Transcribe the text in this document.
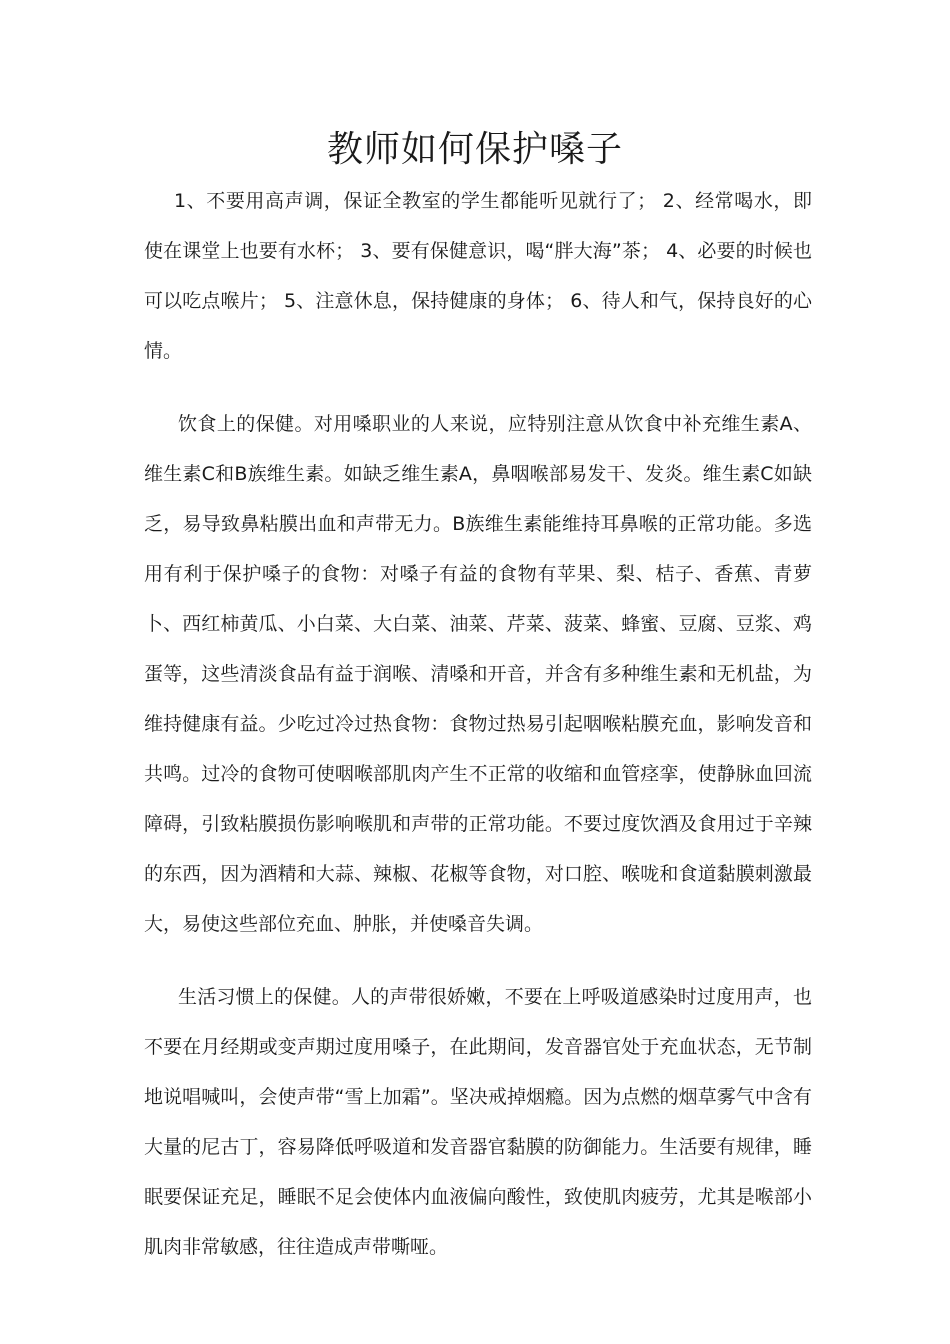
教师如何保护嗓子

1、不要用高声调，保证全教室的学生都能听见就行了； 2、经常喝水，即使在课堂上也要有水杯； 3、要有保健意识，喝“胖大海”茶； 4、必要的时候也可以吃点喉片； 5、注意休息，保持健康的身体； 6、待人和气，保持良好的心情。

饮食上的保健。对用嗓职业的人来说，应特别注意从饮食中补充维生素A、维生素C和B族维生素。如缺乏维生素A，鼻咽喉部易发干、发炎。维生素C如缺乏，易导致鼻粘膜出血和声带无力。B族维生素能维持耳鼻喉的正常功能。多选用有利于保护嗓子的食物：对嗓子有益的食物有苹果、梨、桔子、香蕉、青萝卜、西红柿黄瓜、小白菜、大白菜、油菜、芹菜、菠菜、蜂蜜、豆腐、豆浆、鸡蛋等，这些清淡食品有益于润喉、清嗓和开音，并含有多种维生素和无机盐，为维持健康有益。少吃过冷过热食物：食物过热易引起咽喉粘膜充血，影响发音和共鸣。过冷的食物可使咽喉部肌肉产生不正常的收缩和血管痉挛，使静脉血回流障碍，引致粘膜损伤影响喉肌和声带的正常功能。不要过度饮酒及食用过于辛辣的东西，因为酒精和大蒜、辣椒、花椒等食物，对口腔、喉咙和食道黏膜刺激最大，易使这些部位充血、肿胀，并使嗓音失调。

生活习惯上的保健。人的声带很娇嫩，不要在上呼吸道感染时过度用声，也不要在月经期或变声期过度用嗓子，在此期间，发音器官处于充血状态，无节制地说唱喊叫，会使声带“雪上加霜”。坚决戒掉烟瘾。因为点燃的烟草雾气中含有大量的尼古丁，容易降低呼吸道和发音器官黏膜的防御能力。生活要有规律，睡眠要保证充足，睡眠不足会使体内血液偏向酸性，致使肌肉疲劳，尤其是喉部小肌肉非常敏感，往往造成声带嘶哑。
